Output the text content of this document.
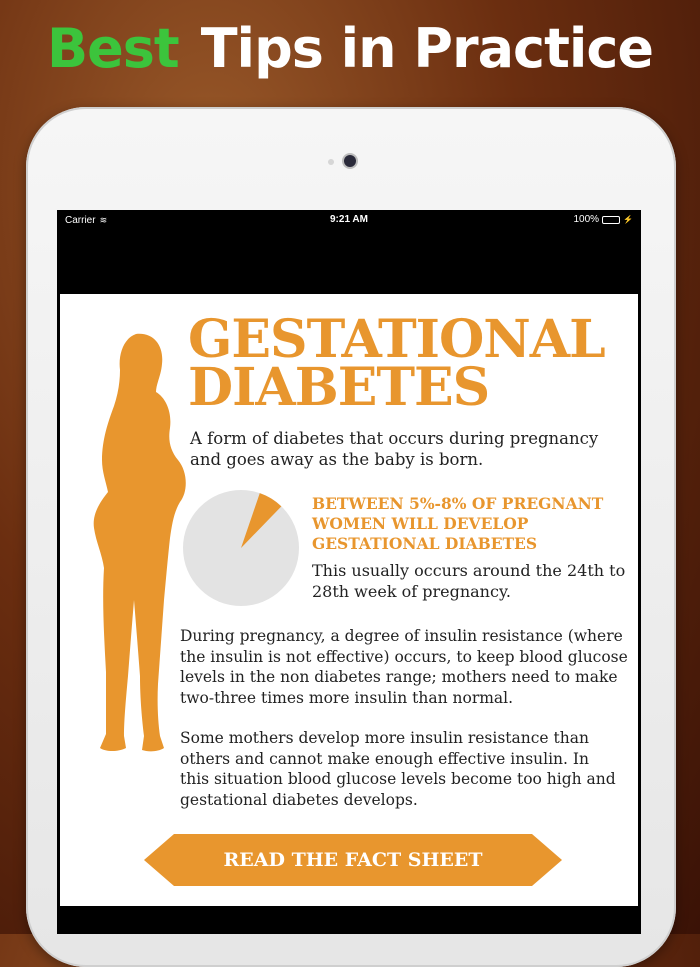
Best Tips in Practice
Carrier ≋	9:21 AM	100%	⚡
GESTATIONAL
DIABETES

A form of diabetes that occurs during pregnancy
and goes away as the baby is born.

BETWEEN 5%-8% OF PREGNANT
WOMEN WILL DEVELOP
GESTATIONAL DIABETES
This usually occurs around the 24th to
28th week of pregnancy.
During pregnancy, a degree of insulin resistance (where
the insulin is not effective) occurs, to keep blood glucose
levels in the non diabetes range; mothers need to make
two-three times more insulin than normal.
Some mothers develop more insulin resistance than
others and cannot make enough effective insulin. In
this situation blood glucose levels become too high and
gestational diabetes develops.
READ THE FACT SHEET
